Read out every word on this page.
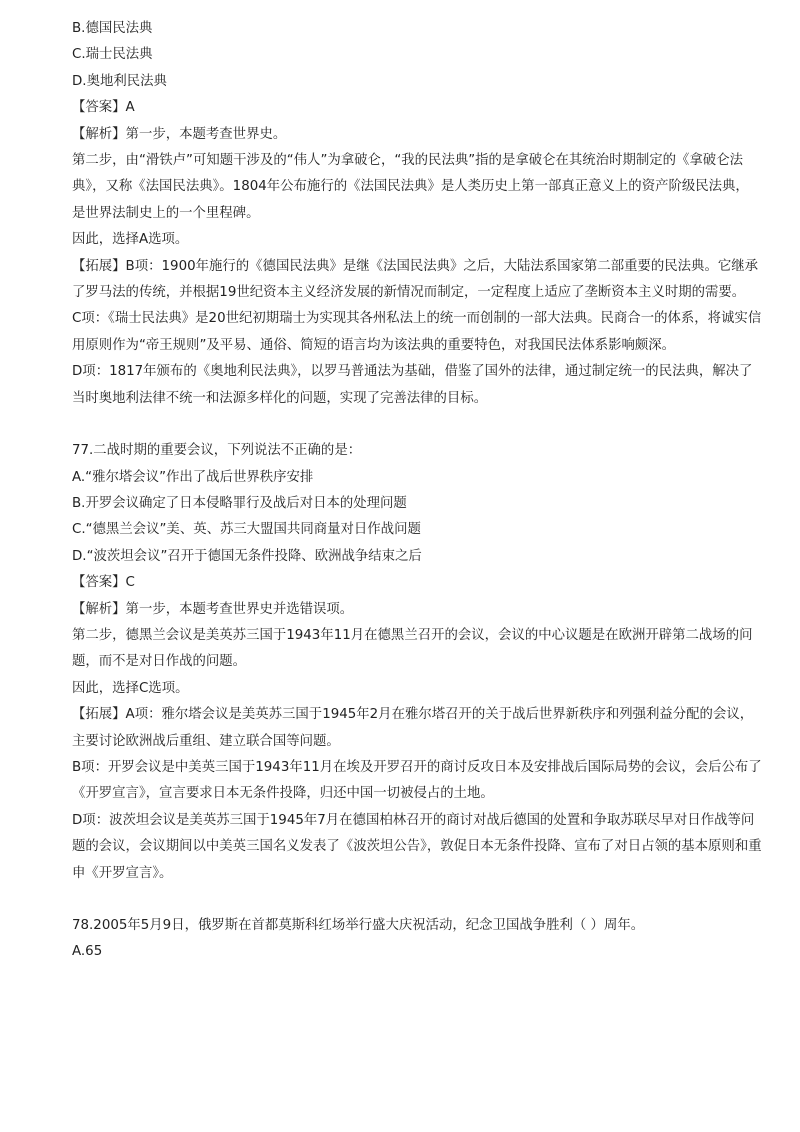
B.德国民法典

C.瑞士民法典

D.奥地利民法典

【答案】A

【解析】第一步，本题考查世界史。

第二步，由“滑铁卢”可知题干涉及的“伟人”为拿破仑，“我的民法典”指的是拿破仑在其统治时期制定的《拿破仑法典》，又称《法国民法典》。1804年公布施行的《法国民法典》是人类历史上第一部真正意义上的资产阶级民法典，是世界法制史上的一个里程碑。

因此，选择A选项。

【拓展】B项：1900年施行的《德国民法典》是继《法国民法典》之后，大陆法系国家第二部重要的民法典。它继承了罗马法的传统，并根据19世纪资本主义经济发展的新情况而制定，一定程度上适应了垄断资本主义时期的需要。

C项：《瑞士民法典》是20世纪初期瑞士为实现其各州私法上的统一而创制的一部大法典。民商合一的体系，将诚实信用原则作为“帝王规则”及平易、通俗、简短的语言均为该法典的重要特色，对我国民法体系影响颇深。

D项：1817年颁布的《奥地利民法典》，以罗马普通法为基础，借鉴了国外的法律，通过制定统一的民法典，解决了当时奥地利法律不统一和法源多样化的问题，实现了完善法律的目标。

77.二战时期的重要会议，下列说法不正确的是：

A.“雅尔塔会议”作出了战后世界秩序安排

B.开罗会议确定了日本侵略罪行及战后对日本的处理问题

C.“德黑兰会议”美、英、苏三大盟国共同商量对日作战问题

D.“波茨坦会议”召开于德国无条件投降、欧洲战争结束之后

【答案】C

【解析】第一步，本题考查世界史并选错误项。

第二步，德黑兰会议是美英苏三国于1943年11月在德黑兰召开的会议，会议的中心议题是在欧洲开辟第二战场的问题，而不是对日作战的问题。

因此，选择C选项。

【拓展】A项：雅尔塔会议是美英苏三国于1945年2月在雅尔塔召开的关于战后世界新秩序和列强利益分配的会议，主要讨论欧洲战后重组、建立联合国等问题。

B项：开罗会议是中美英三国于1943年11月在埃及开罗召开的商讨反攻日本及安排战后国际局势的会议，会后公布了《开罗宣言》，宣言要求日本无条件投降，归还中国一切被侵占的土地。

D项：波茨坦会议是美英苏三国于1945年7月在德国柏林召开的商讨对战后德国的处置和争取苏联尽早对日作战等问题的会议，会议期间以中美英三国名义发表了《波茨坦公告》，敦促日本无条件投降、宣布了对日占领的基本原则和重申《开罗宣言》。

78.2005年5月9日，俄罗斯在首都莫斯科红场举行盛大庆祝活动，纪念卫国战争胜利（ ）周年。

A.65
